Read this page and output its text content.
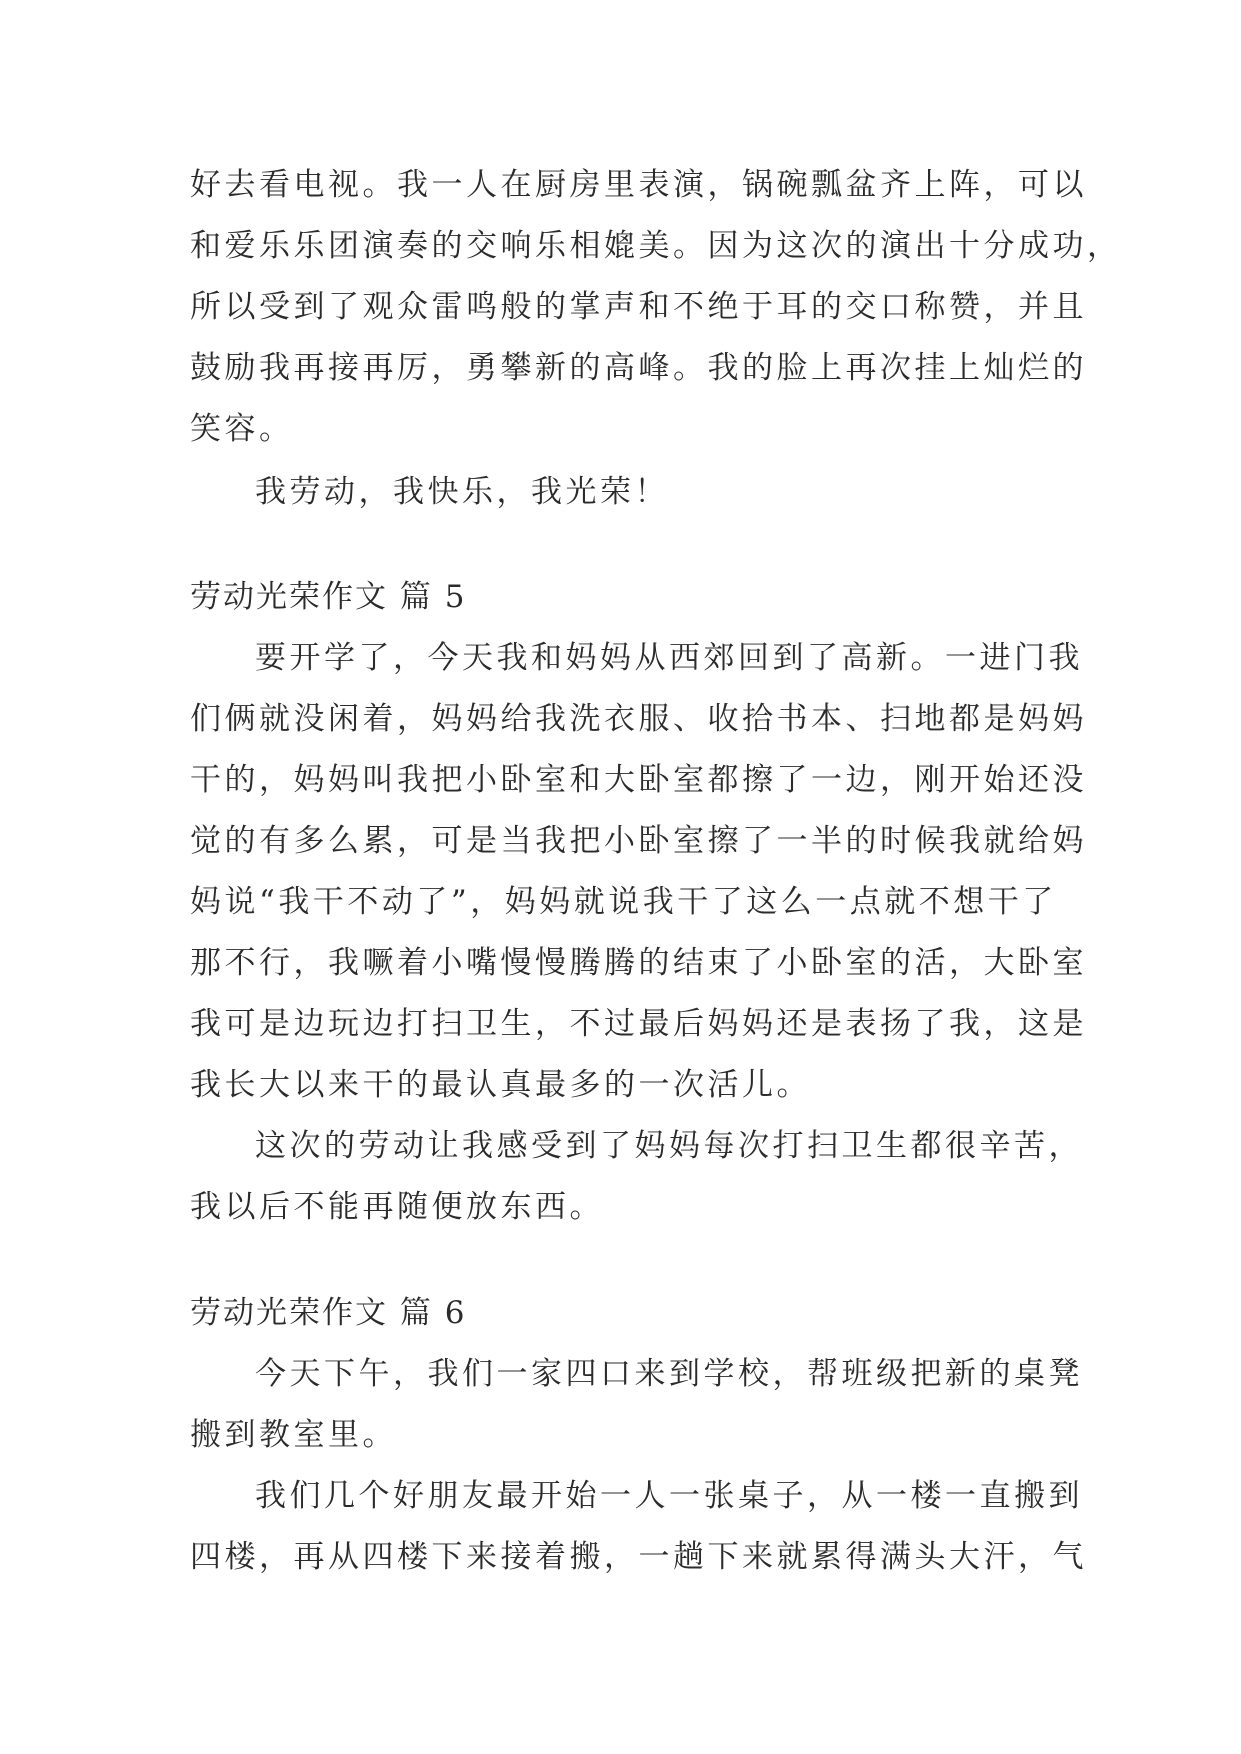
好去看电视。我一人在厨房里表演，锅碗瓢盆齐上阵，可以

和爱乐乐团演奏的交响乐相媲美。因为这次的演出十分成功，

所以受到了观众雷鸣般的掌声和不绝于耳的交口称赞，并且

鼓励我再接再厉，勇攀新的高峰。我的脸上再次挂上灿烂的

笑容。

我劳动，我快乐，我光荣！

劳动光荣作文 篇 5

要开学了，今天我和妈妈从西郊回到了高新。一进门我

们俩就没闲着，妈妈给我洗衣服、收拾书本、扫地都是妈妈

干的，妈妈叫我把小卧室和大卧室都擦了一边，刚开始还没

觉的有多么累，可是当我把小卧室擦了一半的时候我就给妈

妈说“我干不动了”，妈妈就说我干了这么一点就不想干了

那不行，我噘着小嘴慢慢腾腾的结束了小卧室的活，大卧室

我可是边玩边打扫卫生，不过最后妈妈还是表扬了我，这是

我长大以来干的最认真最多的一次活儿。

这次的劳动让我感受到了妈妈每次打扫卫生都很辛苦，

我以后不能再随便放东西。

劳动光荣作文 篇 6

今天下午，我们一家四口来到学校，帮班级把新的桌凳

搬到教室里。

我们几个好朋友最开始一人一张桌子，从一楼一直搬到

四楼，再从四楼下来接着搬，一趟下来就累得满头大汗，气
